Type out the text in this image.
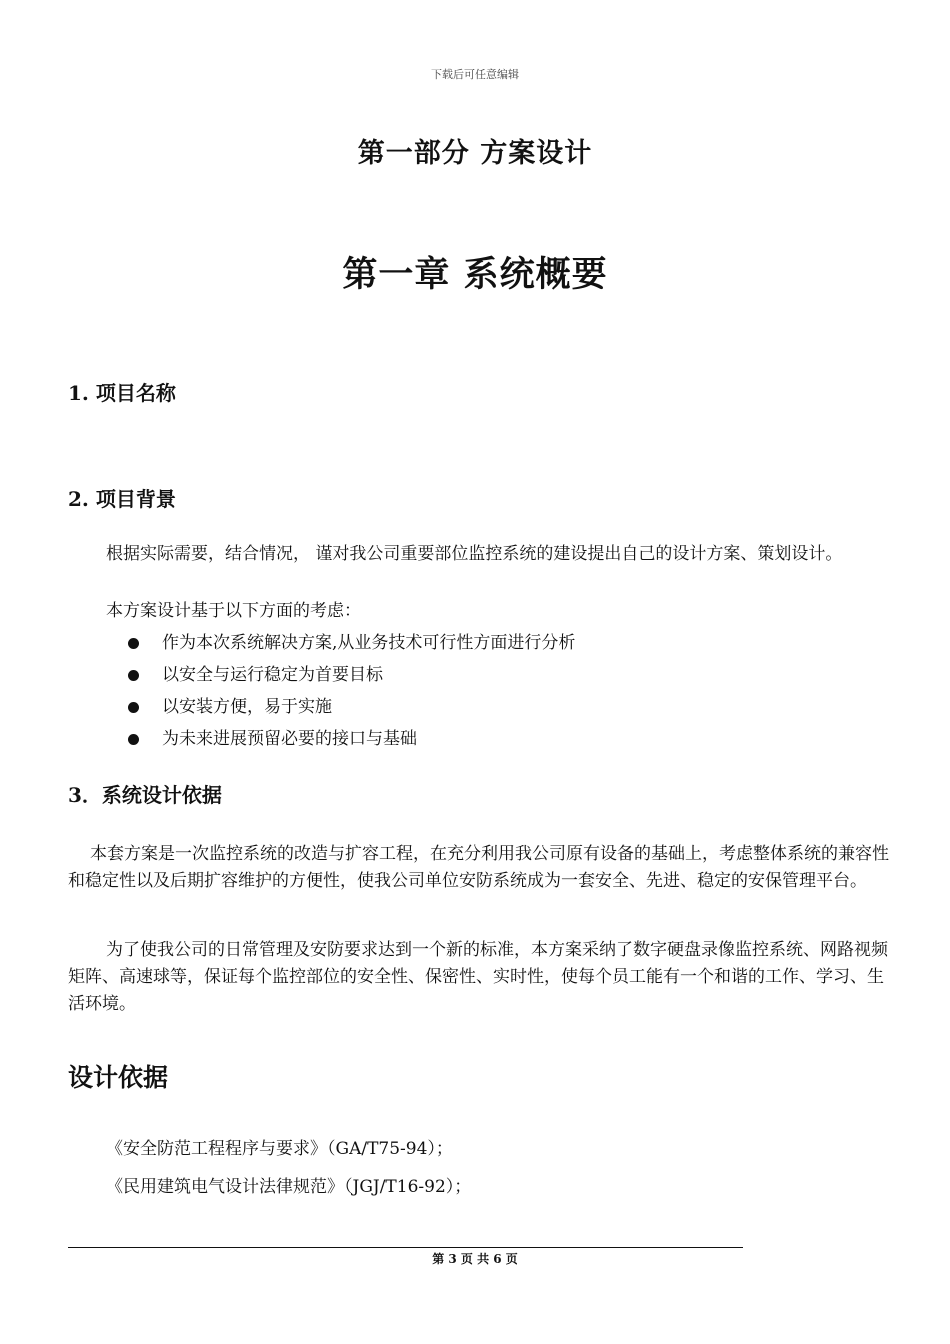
下载后可任意编辑
第一部分 方案设计
第一章 系统概要
1. 项目名称
2. 项目背景
根据实际需要，结合情况， 谨对我公司重要部位监控系统的建设提出自己的设计方案、策划设计。
本方案设计基于以下方面的考虑：
作为本次系统解决方案,从业务技术可行性方面进行分析
以安全与运行稳定为首要目标
以安装方便，易于实施
为未来进展预留必要的接口与基础
3．系统设计依据
本套方案是一次监控系统的改造与扩容工程，在充分利用我公司原有设备的基础上，考虑整体系统的兼容性和稳定性以及后期扩容维护的方便性，使我公司单位安防系统成为一套安全、先进、稳定的安保管理平台。
为了使我公司的日常管理及安防要求达到一个新的标准，本方案采纳了数字硬盘录像监控系统、网路视频矩阵、高速球等，保证每个监控部位的安全性、保密性、实时性，使每个员工能有一个和谐的工作、学习、生活环境。
设计依据
《安全防范工程程序与要求》（GA/T75-94）；
《民用建筑电气设计法律规范》（JGJ/T16-92）；
第 3 页 共 6 页
